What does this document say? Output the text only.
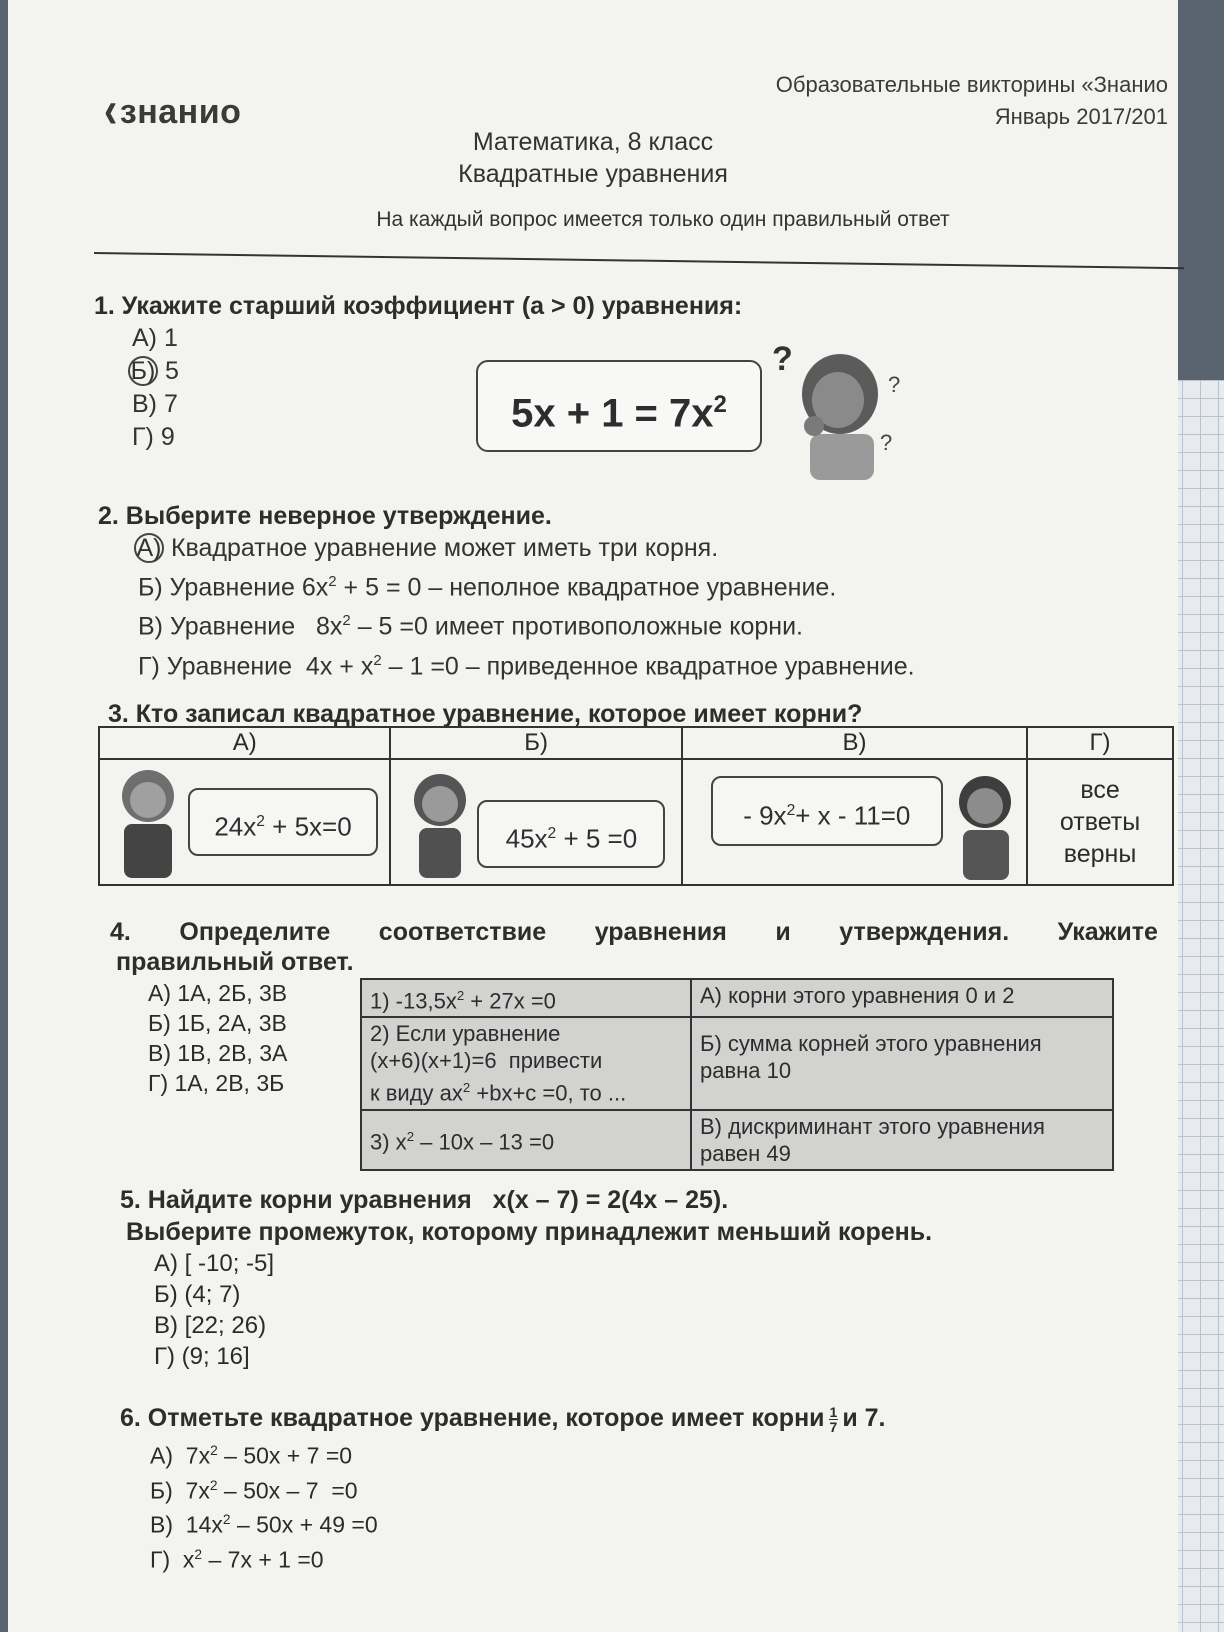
‹знанио
Образовательные викторины «Знанио
Январь 2017/201
Математика, 8 класс
Квадратные уравнения
На каждый вопрос имеется только один правильный ответ
1. Укажите старший коэффициент (а > 0) уравнения:
А) 1
Б) 5
В) 7
Г) 9
$5x + 1 = 7x^2$
?
?
?
2. Выберите неверное утверждение.
А) Квадратное уравнение может иметь три корня.
Б) Уравнение $6x^2 + 5 = 0$ – неполное квадратное уравнение.
В) Уравнение   $8x^2 - 5 =0$ имеет противоположные корни.
Г) Уравнение  $4x + x^2 - 1 =0$ – приведенное квадратное уравнение.
3. Кто записал квадратное уравнение, которое имеет корни?
А)	Б)	В)	Г)

$24x^2 + 5x=0$	$45x^2 + 5 =0$	- $9x^2+ x - 11=0$	все
ответы
верны
4. Определите соответствие уравнения и утверждения. Укажите
правильный ответ.
А) 1А, 2Б, 3В
Б) 1Б, 2А, 3В
В) 1В, 2В, 3А
Г) 1А, 2В, 3Б
1) $-13,5x^2 + 27x =0$	А) корни этого уравнения 0 и 2

2) Если уравнение
(x+6)(x+1)=6  привести
к виду $ax^2 +bx+c =0$, то ...	Б) сумма корней этого уравнения равна 10
3) $x^2 - 10x - 13 =0$	В) дискриминант этого уравнения равен 49
5. Найдите корни уравнения   x(x – 7) = 2(4x – 25).
Выберите промежуток, которому принадлежит меньший корень.
А) [ -10; -5]
Б) (4; 7)
В) [22; 26)
Г) (9; 16]
6. Отметьте квадратное уравнение, которое имеет корни $\frac{1}{7}$ и 7.
А)  $7x^2 - 50x + 7 =0$
Б)  $7x^2 - 50x - 7 =0$
В)  $14x^2 - 50x + 49 =0$
Г)  $x^2 - 7x + 1 =0$
